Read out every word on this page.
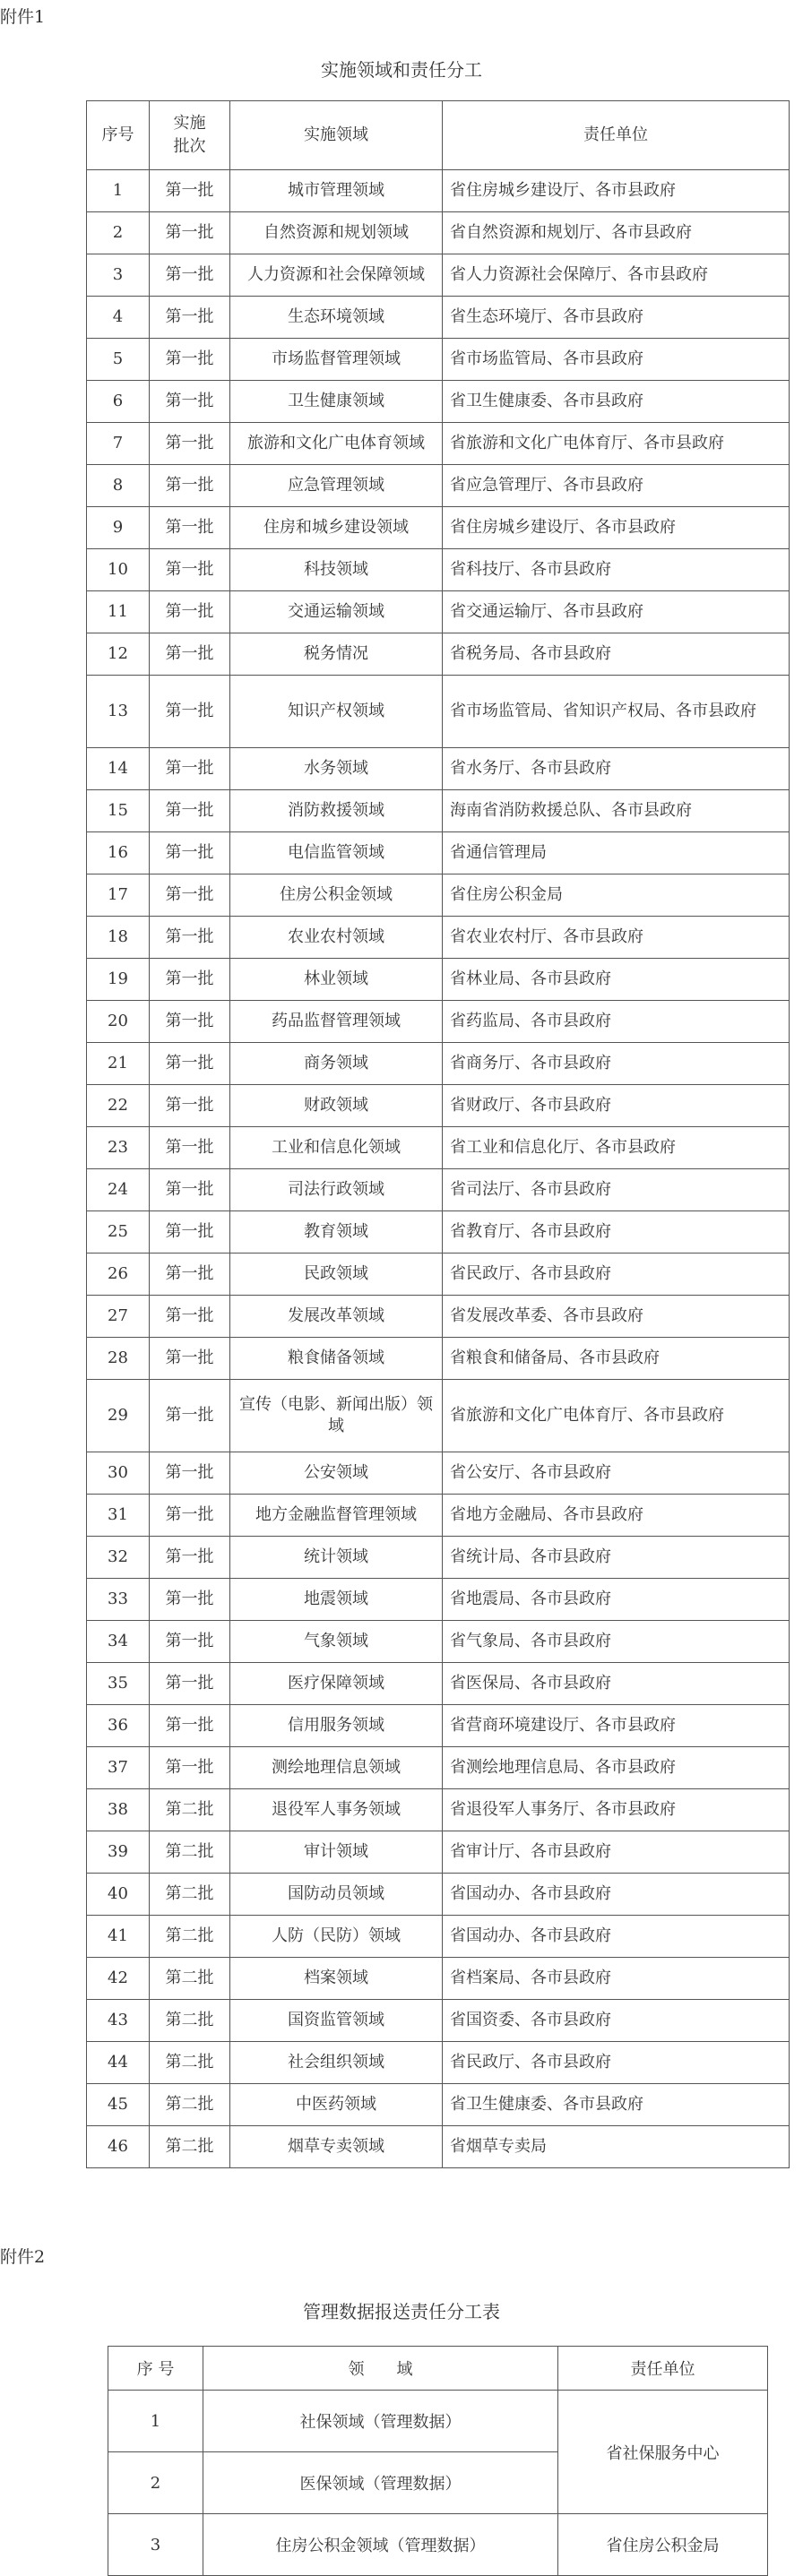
附件1
实施领域和责任分工
序号	实施批次	实施领域	责任单位
1	第一批	城市管理领域	省住房城乡建设厅、各市县政府
2	第一批	自然资源和规划领域	省自然资源和规划厅、各市县政府
3	第一批	人力资源和社会保障领域	省人力资源社会保障厅、各市县政府
4	第一批	生态环境领域	省生态环境厅、各市县政府
5	第一批	市场监督管理领域	省市场监管局、各市县政府
6	第一批	卫生健康领域	省卫生健康委、各市县政府
7	第一批	旅游和文化广电体育领域	省旅游和文化广电体育厅、各市县政府
8	第一批	应急管理领域	省应急管理厅、各市县政府
9	第一批	住房和城乡建设领域	省住房城乡建设厅、各市县政府
10	第一批	科技领域	省科技厅、各市县政府
11	第一批	交通运输领域	省交通运输厅、各市县政府
12	第一批	税务情况	省税务局、各市县政府
13	第一批	知识产权领域	省市场监管局、省知识产权局、各市县政府
14	第一批	水务领域	省水务厅、各市县政府
15	第一批	消防救援领域	海南省消防救援总队、各市县政府
16	第一批	电信监管领域	省通信管理局
17	第一批	住房公积金领域	省住房公积金局
18	第一批	农业农村领域	省农业农村厅、各市县政府
19	第一批	林业领域	省林业局、各市县政府
20	第一批	药品监督管理领域	省药监局、各市县政府
21	第一批	商务领域	省商务厅、各市县政府
22	第一批	财政领域	省财政厅、各市县政府
23	第一批	工业和信息化领域	省工业和信息化厅、各市县政府
24	第一批	司法行政领域	省司法厅、各市县政府
25	第一批	教育领域	省教育厅、各市县政府
26	第一批	民政领域	省民政厅、各市县政府
27	第一批	发展改革领域	省发展改革委、各市县政府
28	第一批	粮食储备领域	省粮食和储备局、各市县政府
29	第一批	宣传（电影、新闻出版）领域	省旅游和文化广电体育厅、各市县政府
30	第一批	公安领域	省公安厅、各市县政府
31	第一批	地方金融监督管理领域	省地方金融局、各市县政府
32	第一批	统计领域	省统计局、各市县政府
33	第一批	地震领域	省地震局、各市县政府
34	第一批	气象领域	省气象局、各市县政府
35	第一批	医疗保障领域	省医保局、各市县政府
36	第一批	信用服务领域	省营商环境建设厅、各市县政府
37	第一批	测绘地理信息领域	省测绘地理信息局、各市县政府
38	第二批	退役军人事务领域	省退役军人事务厅、各市县政府
39	第二批	审计领域	省审计厅、各市县政府
40	第二批	国防动员领域	省国动办、各市县政府
41	第二批	人防（民防）领域	省国动办、各市县政府
42	第二批	档案领域	省档案局、各市县政府
43	第二批	国资监管领域	省国资委、各市县政府
44	第二批	社会组织领域	省民政厅、各市县政府
45	第二批	中医药领域	省卫生健康委、各市县政府
46	第二批	烟草专卖领域	省烟草专卖局
附件2
管理数据报送责任分工表
序 号	领　　域	责任单位
1	社保领域（管理数据）	省社保服务中心
2	医保领域（管理数据）	
3	住房公积金领域（管理数据）	省住房公积金局
